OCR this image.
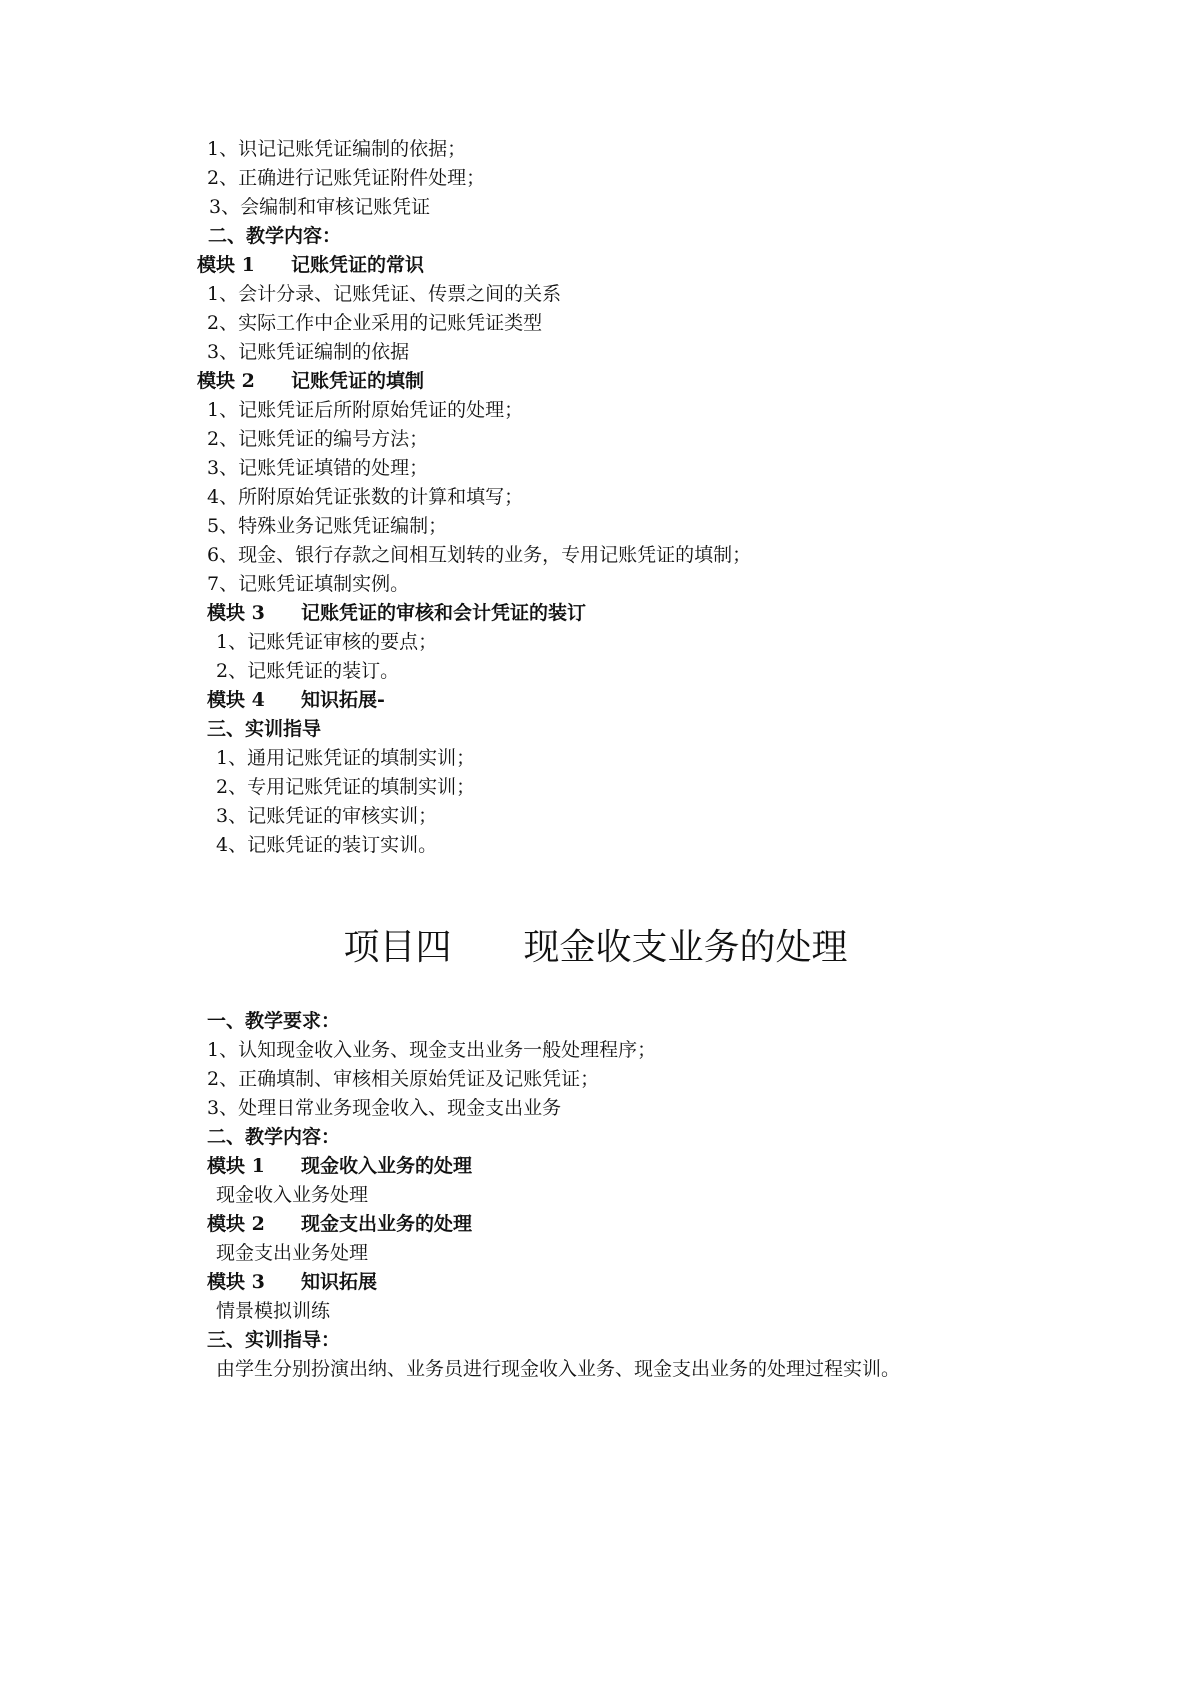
1、识记记账凭证编制的依据；
2、正确进行记账凭证附件处理；
3、会编制和审核记账凭证
二、教学内容：
模块 1 记账凭证的常识
1、会计分录、记账凭证、传票之间的关系
2、实际工作中企业采用的记账凭证类型
3、记账凭证编制的依据
模块 2 记账凭证的填制
1、记账凭证后所附原始凭证的处理；
2、记账凭证的编号方法；
3、记账凭证填错的处理；
4、所附原始凭证张数的计算和填写；
5、特殊业务记账凭证编制；
6、现金、银行存款之间相互划转的业务，专用记账凭证的填制；
7、记账凭证填制实例。
模块 3 记账凭证的审核和会计凭证的装订
1、记账凭证审核的要点；
2、记账凭证的装订。
模块 4 知识拓展-
三、实训指导
1、通用记账凭证的填制实训；
2、专用记账凭证的填制实训；
3、记账凭证的审核实训；
4、记账凭证的装订实训。
项目四 现金收支业务的处理
一、教学要求：
1、认知现金收入业务、现金支出业务一般处理程序；
2、正确填制、审核相关原始凭证及记账凭证；
3、处理日常业务现金收入、现金支出业务
二、教学内容：
模块 1 现金收入业务的处理
现金收入业务处理
模块 2 现金支出业务的处理
现金支出业务处理
模块 3 知识拓展
情景模拟训练
三、实训指导：
由学生分别扮演出纳、业务员进行现金收入业务、现金支出业务的处理过程实训。
